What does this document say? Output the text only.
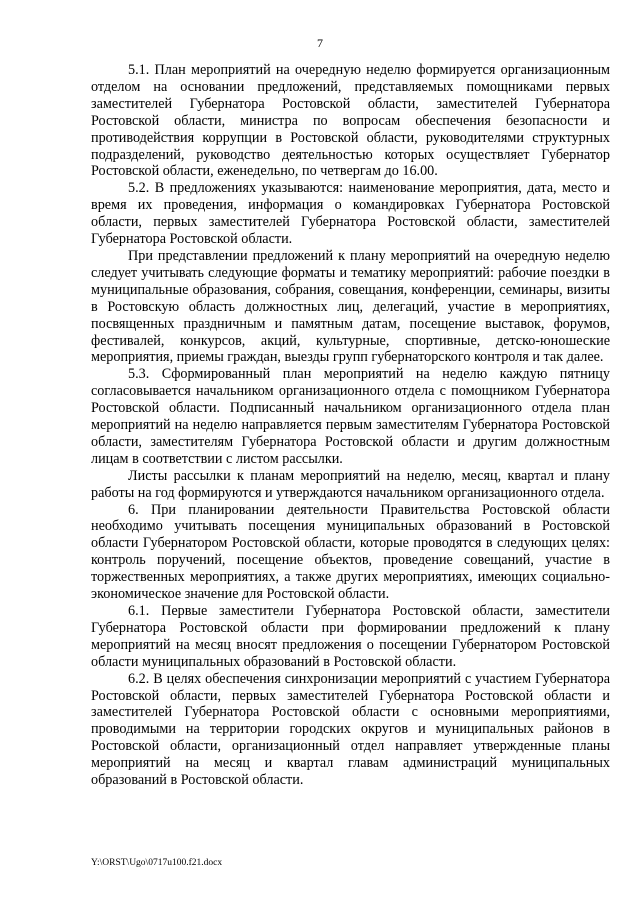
7

5.1. План мероприятий на очередную неделю формируется организационным отделом на основании предложений, представляемых помощниками первых заместителей Губернатора Ростовской области, заместителей Губернатора Ростовской области, министра по вопросам обеспечения безопасности и противодействия коррупции в Ростовской области, руководителями структурных подразделений, руководство деятельностью которых осуществляет Губернатор Ростовской области, еженедельно, по четвергам до 16.00.

5.2. В предложениях указываются: наименование мероприятия, дата, место и время их проведения, информация о командировках Губернатора Ростовской области, первых заместителей Губернатора Ростовской области, заместителей Губернатора Ростовской области.

При представлении предложений к плану мероприятий на очередную неделю следует учитывать следующие форматы и тематику мероприятий: рабочие поездки в муниципальные образования, собрания, совещания, конференции, семинары, визиты в Ростовскую область должностных лиц, делегаций, участие в мероприятиях, посвященных праздничным и памятным датам, посещение выставок, форумов, фестивалей, конкурсов, акций, культурные, спортивные, детско-юношеские мероприятия, приемы граждан, выезды групп губернаторского контроля и так далее.

5.3. Сформированный план мероприятий на неделю каждую пятницу согласовывается начальником организационного отдела с помощником Губернатора Ростовской области. Подписанный начальником организационного отдела план мероприятий на неделю направляется первым заместителям Губернатора Ростовской области, заместителям Губернатора Ростовской области и другим должностным лицам в соответствии с листом рассылки.

Листы рассылки к планам мероприятий на неделю, месяц, квартал и плану работы на год формируются и утверждаются начальником организационного отдела.

6. При планировании деятельности Правительства Ростовской области необходимо учитывать посещения муниципальных образований в Ростовской области Губернатором Ростовской области, которые проводятся в следующих целях: контроль поручений, посещение объектов, проведение совещаний, участие в торжественных мероприятиях, а также других мероприятиях, имеющих социально-экономическое значение для Ростовской области.

6.1. Первые заместители Губернатора Ростовской области, заместители Губернатора Ростовской области при формировании предложений к плану мероприятий на месяц вносят предложения о посещении Губернатором Ростовской области муниципальных образований в Ростовской области.

6.2. В целях обеспечения синхронизации мероприятий с участием Губернатора Ростовской области, первых заместителей Губернатора Ростовской области и заместителей Губернатора Ростовской области с основными мероприятиями, проводимыми на территории городских округов и муниципальных районов в Ростовской области, организационный отдел направляет утвержденные планы мероприятий на месяц и квартал главам администраций муниципальных образований в Ростовской области.

Y:\ORST\Ugo\0717u100.f21.docx
